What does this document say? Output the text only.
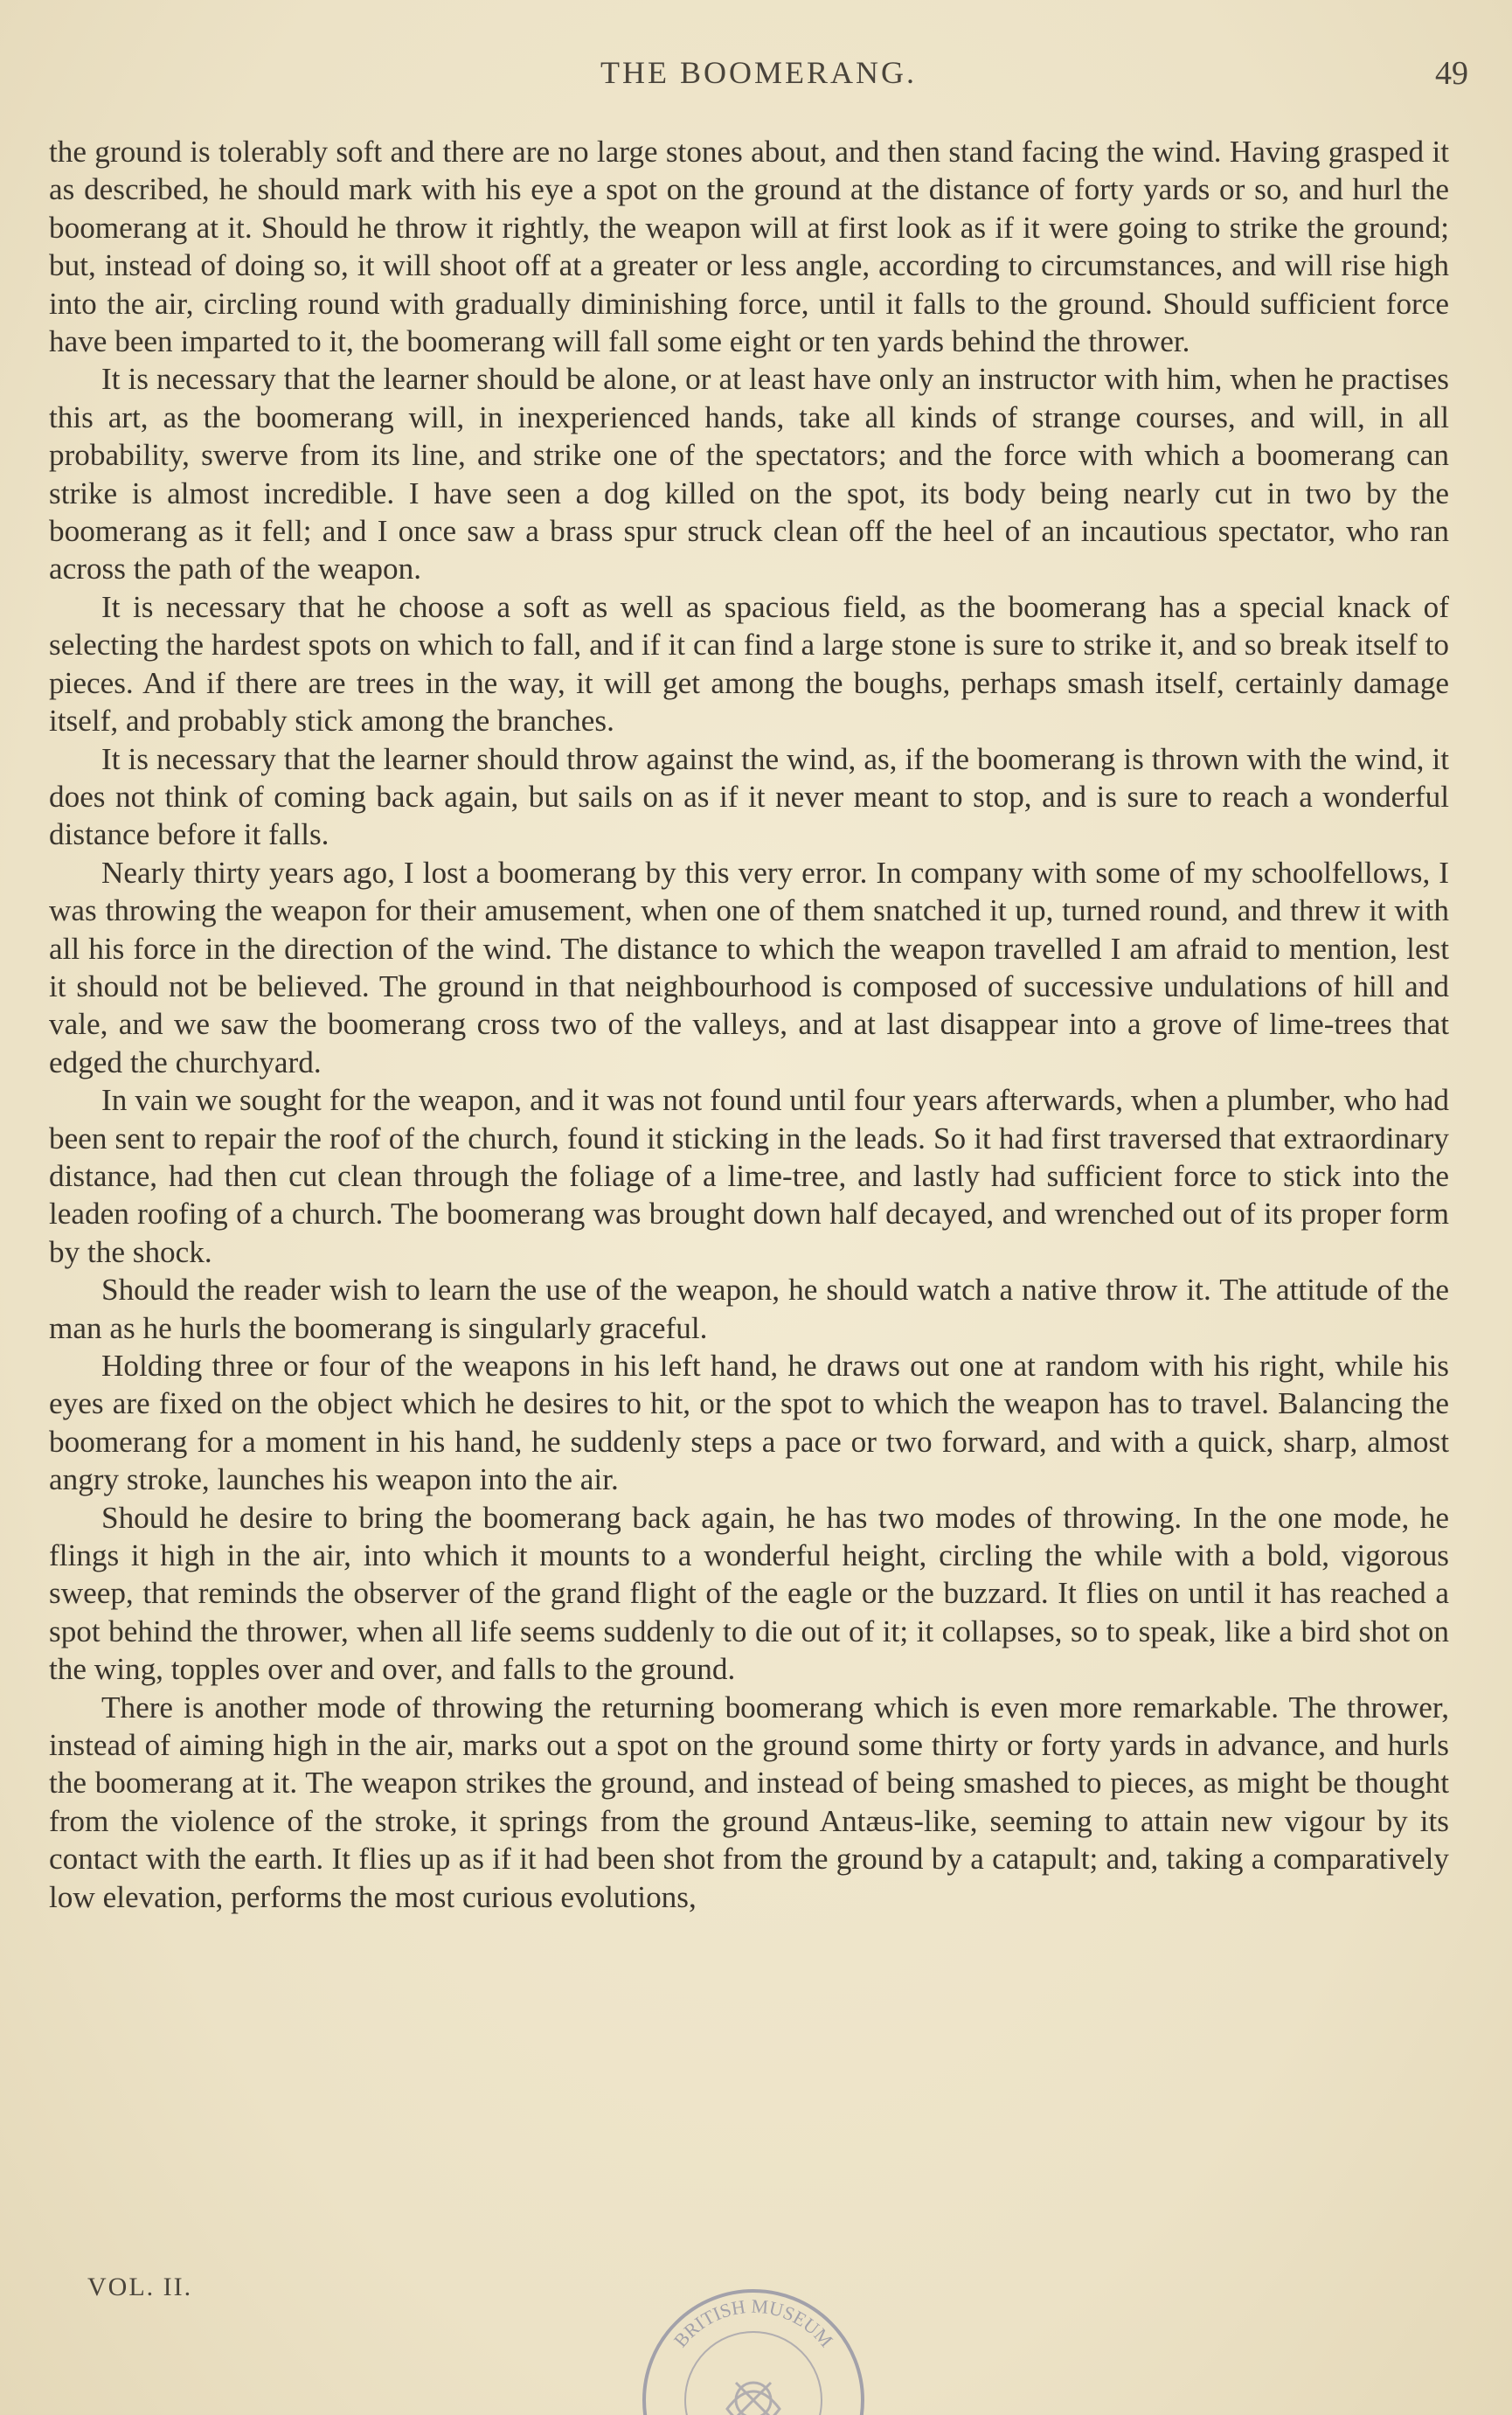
THE BOOMERANG.	49

the ground is tolerably soft and there are no large stones about, and then stand facing the wind. Having grasped it as described, he should mark with his eye a spot on the ground at the distance of forty yards or so, and hurl the boomerang at it. Should he throw it rightly, the weapon will at first look as if it were going to strike the ground; but, instead of doing so, it will shoot off at a greater or less angle, according to circumstances, and will rise high into the air, circling round with gradually diminishing force, until it falls to the ground. Should sufficient force have been imparted to it, the boomerang will fall some eight or ten yards behind the thrower.

It is necessary that the learner should be alone, or at least have only an instructor with him, when he practises this art, as the boomerang will, in inexperienced hands, take all kinds of strange courses, and will, in all probability, swerve from its line, and strike one of the spectators; and the force with which a boomerang can strike is almost incredible. I have seen a dog killed on the spot, its body being nearly cut in two by the boomerang as it fell; and I once saw a brass spur struck clean off the heel of an incautious spectator, who ran across the path of the weapon.

It is necessary that he choose a soft as well as spacious field, as the boomerang has a special knack of selecting the hardest spots on which to fall, and if it can find a large stone is sure to strike it, and so break itself to pieces. And if there are trees in the way, it will get among the boughs, perhaps smash itself, certainly damage itself, and probably stick among the branches.

It is necessary that the learner should throw against the wind, as, if the boomerang is thrown with the wind, it does not think of coming back again, but sails on as if it never meant to stop, and is sure to reach a wonderful distance before it falls.

Nearly thirty years ago, I lost a boomerang by this very error. In company with some of my schoolfellows, I was throwing the weapon for their amusement, when one of them snatched it up, turned round, and threw it with all his force in the direction of the wind. The distance to which the weapon travelled I am afraid to mention, lest it should not be believed. The ground in that neighbourhood is composed of successive undulations of hill and vale, and we saw the boomerang cross two of the valleys, and at last disappear into a grove of lime-trees that edged the churchyard.

In vain we sought for the weapon, and it was not found until four years afterwards, when a plumber, who had been sent to repair the roof of the church, found it sticking in the leads. So it had first traversed that extraordinary distance, had then cut clean through the foliage of a lime-tree, and lastly had sufficient force to stick into the leaden roofing of a church. The boomerang was brought down half decayed, and wrenched out of its proper form by the shock.

Should the reader wish to learn the use of the weapon, he should watch a native throw it. The attitude of the man as he hurls the boomerang is singularly graceful.

Holding three or four of the weapons in his left hand, he draws out one at random with his right, while his eyes are fixed on the object which he desires to hit, or the spot to which the weapon has to travel. Balancing the boomerang for a moment in his hand, he suddenly steps a pace or two forward, and with a quick, sharp, almost angry stroke, launches his weapon into the air.

Should he desire to bring the boomerang back again, he has two modes of throwing. In the one mode, he flings it high in the air, into which it mounts to a wonderful height, circling the while with a bold, vigorous sweep, that reminds the observer of the grand flight of the eagle or the buzzard. It flies on until it has reached a spot behind the thrower, when all life seems suddenly to die out of it; it collapses, so to speak, like a bird shot on the wing, topples over and over, and falls to the ground.

There is another mode of throwing the returning boomerang which is even more remarkable. The thrower, instead of aiming high in the air, marks out a spot on the ground some thirty or forty yards in advance, and hurls the boomerang at it. The weapon strikes the ground, and instead of being smashed to pieces, as might be thought from the violence of the stroke, it springs from the ground Antæus-like, seeming to attain new vigour by its contact with the earth. It flies up as if it had been shot from the ground by a catapult; and, taking a comparatively low elevation, performs the most curious evolutions,

VOL. II.
BRITISH MUSEUM
